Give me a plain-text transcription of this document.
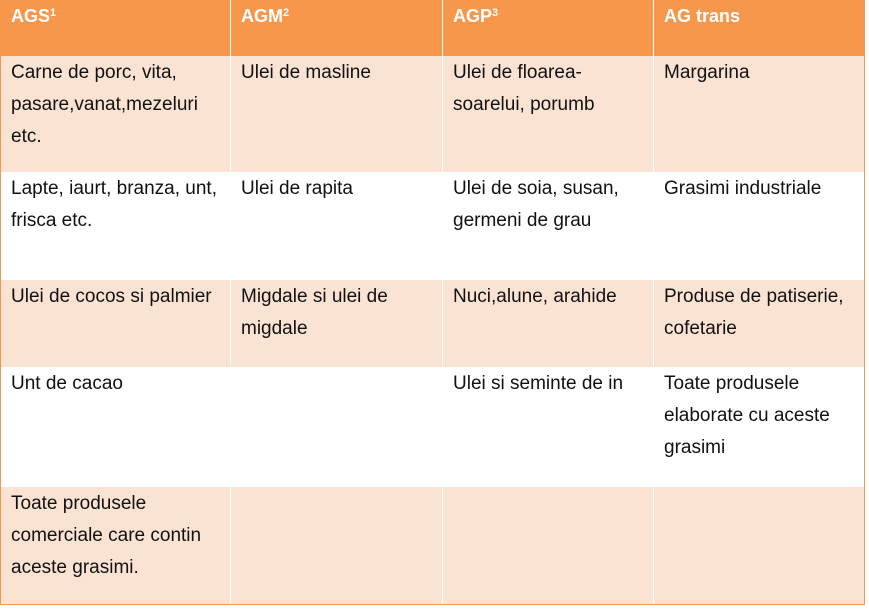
AGS$^1$	AGM$^2$	AGP$^3$	AG trans

Carne de porc, vita, pasare,vanat,mezeluri etc.	Ulei de masline	Ulei de floarea-soarelui, porumb	Margarina

Lapte, iaurt, branza, unt, frisca etc.	Ulei de rapita	Ulei de soia, susan, germeni de grau	Grasimi industriale

Ulei de cocos si palmier	Migdale si ulei de migdale	Nuci,alune, arahide	Produse de patiserie, cofetarie

Unt de cacao		Ulei si seminte de in	Toate produsele elaborate cu aceste grasimi

Toate produsele comerciale care contin aceste grasimi.			
